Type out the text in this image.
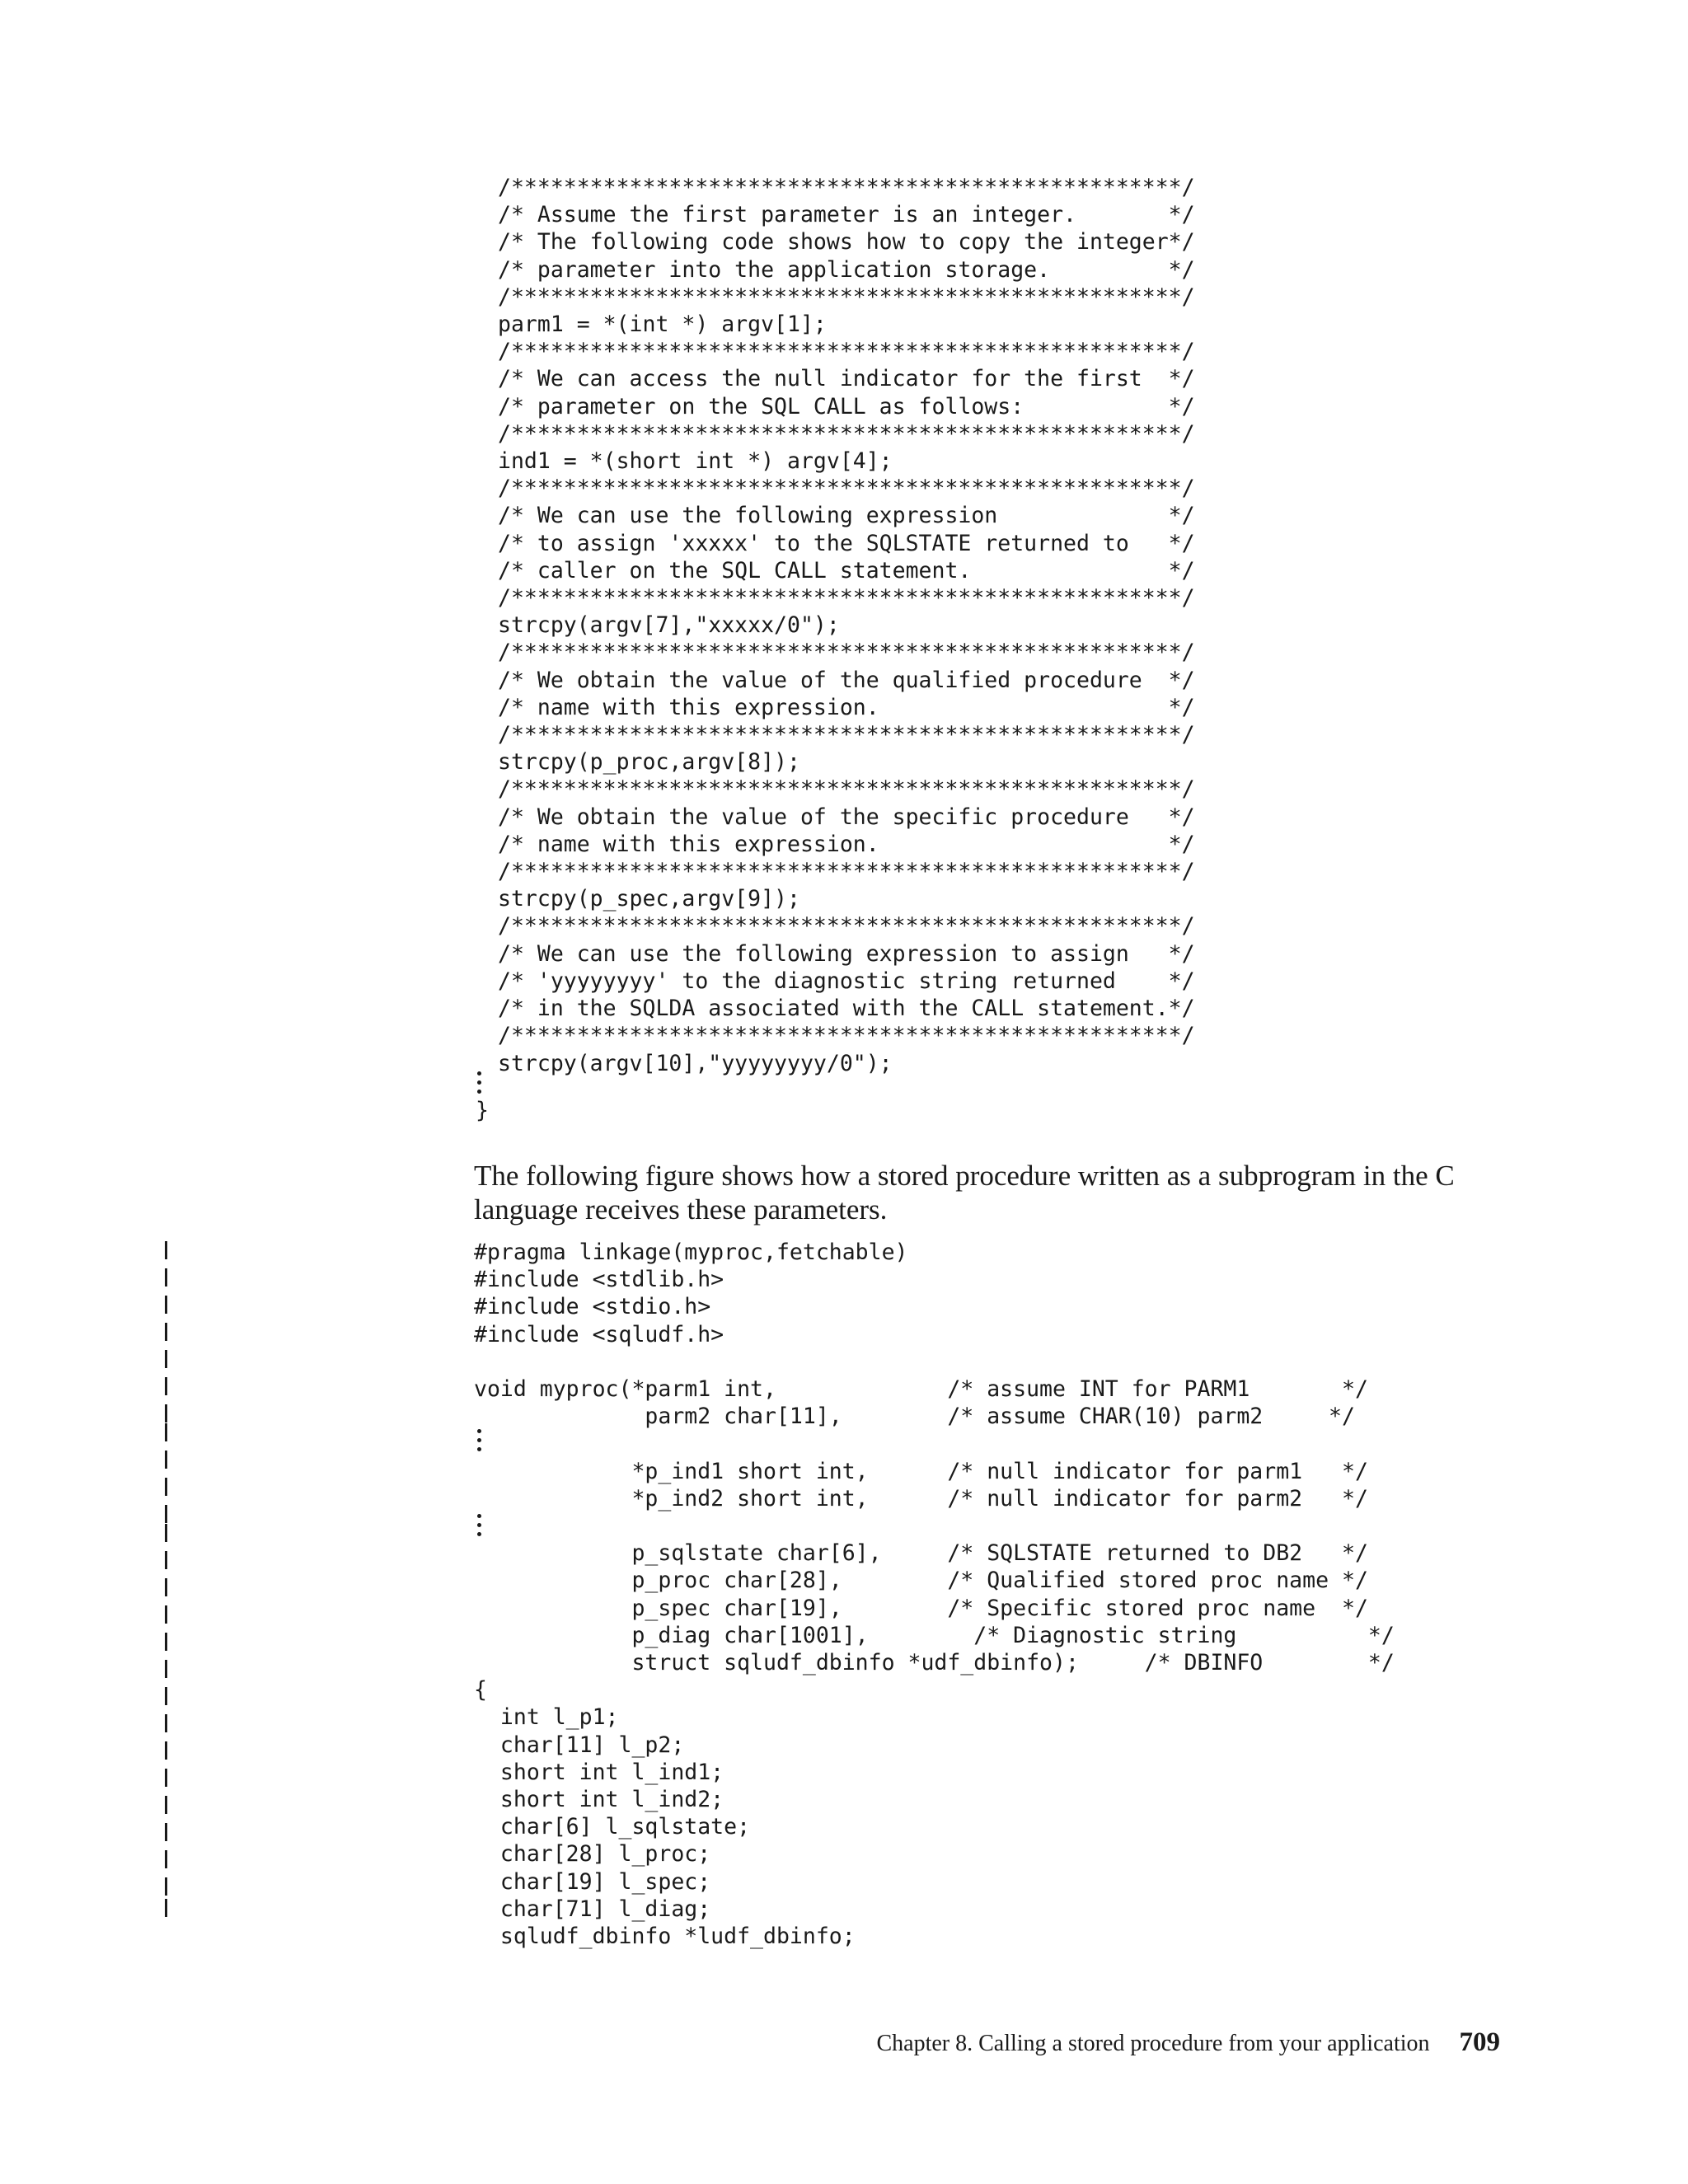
/***************************************************/
/* Assume the first parameter is an integer.       */
/* The following code shows how to copy the integer*/
/* parameter into the application storage.         */
/***************************************************/
parm1 = *(int *) argv[1];
/***************************************************/
/* We can access the null indicator for the first  */
/* parameter on the SQL CALL as follows:           */
/***************************************************/
ind1 = *(short int *) argv[4];
/***************************************************/
/* We can use the following expression             */
/* to assign 'xxxxx' to the SQLSTATE returned to   */
/* caller on the SQL CALL statement.               */
/***************************************************/
strcpy(argv[7],"xxxxx/0");
/***************************************************/
/* We obtain the value of the qualified procedure  */
/* name with this expression.                      */
/***************************************************/
strcpy(p_proc,argv[8]);
/***************************************************/
/* We obtain the value of the specific procedure   */
/* name with this expression.                      */
/***************************************************/
strcpy(p_spec,argv[9]);
/***************************************************/
/* We can use the following expression to assign   */
/* 'yyyyyyyy' to the diagnostic string returned    */
/* in the SQLDA associated with the CALL statement.*/
/***************************************************/
strcpy(argv[10],"yyyyyyyy/0");
}

The following figure shows how a stored procedure written as a subprogram in the C language receives these parameters.

#pragma linkage(myproc,fetchable)
#include <stdlib.h>
#include <stdio.h>
#include <sqludf.h>

void myproc(*parm1 int,             /* assume INT for PARM1       */
parm2 char[11],        /* assume CHAR(10) parm2     */

*p_ind1 short int,      /* null indicator for parm1   */
*p_ind2 short int,      /* null indicator for parm2   */

p_sqlstate char[6],     /* SQLSTATE returned to DB2   */
p_proc char[28],        /* Qualified stored proc name */
p_spec char[19],        /* Specific stored proc name  */
p_diag char[1001],        /* Diagnostic string          */
struct sqludf_dbinfo *udf_dbinfo);     /* DBINFO        */
{
int l_p1;
char[11] l_p2;
short int l_ind1;
short int l_ind2;
char[6] l_sqlstate;
char[28] l_proc;
char[19] l_spec;
char[71] l_diag;
sqludf_dbinfo *ludf_dbinfo;
Chapter 8. Calling a stored procedure from your application 709
